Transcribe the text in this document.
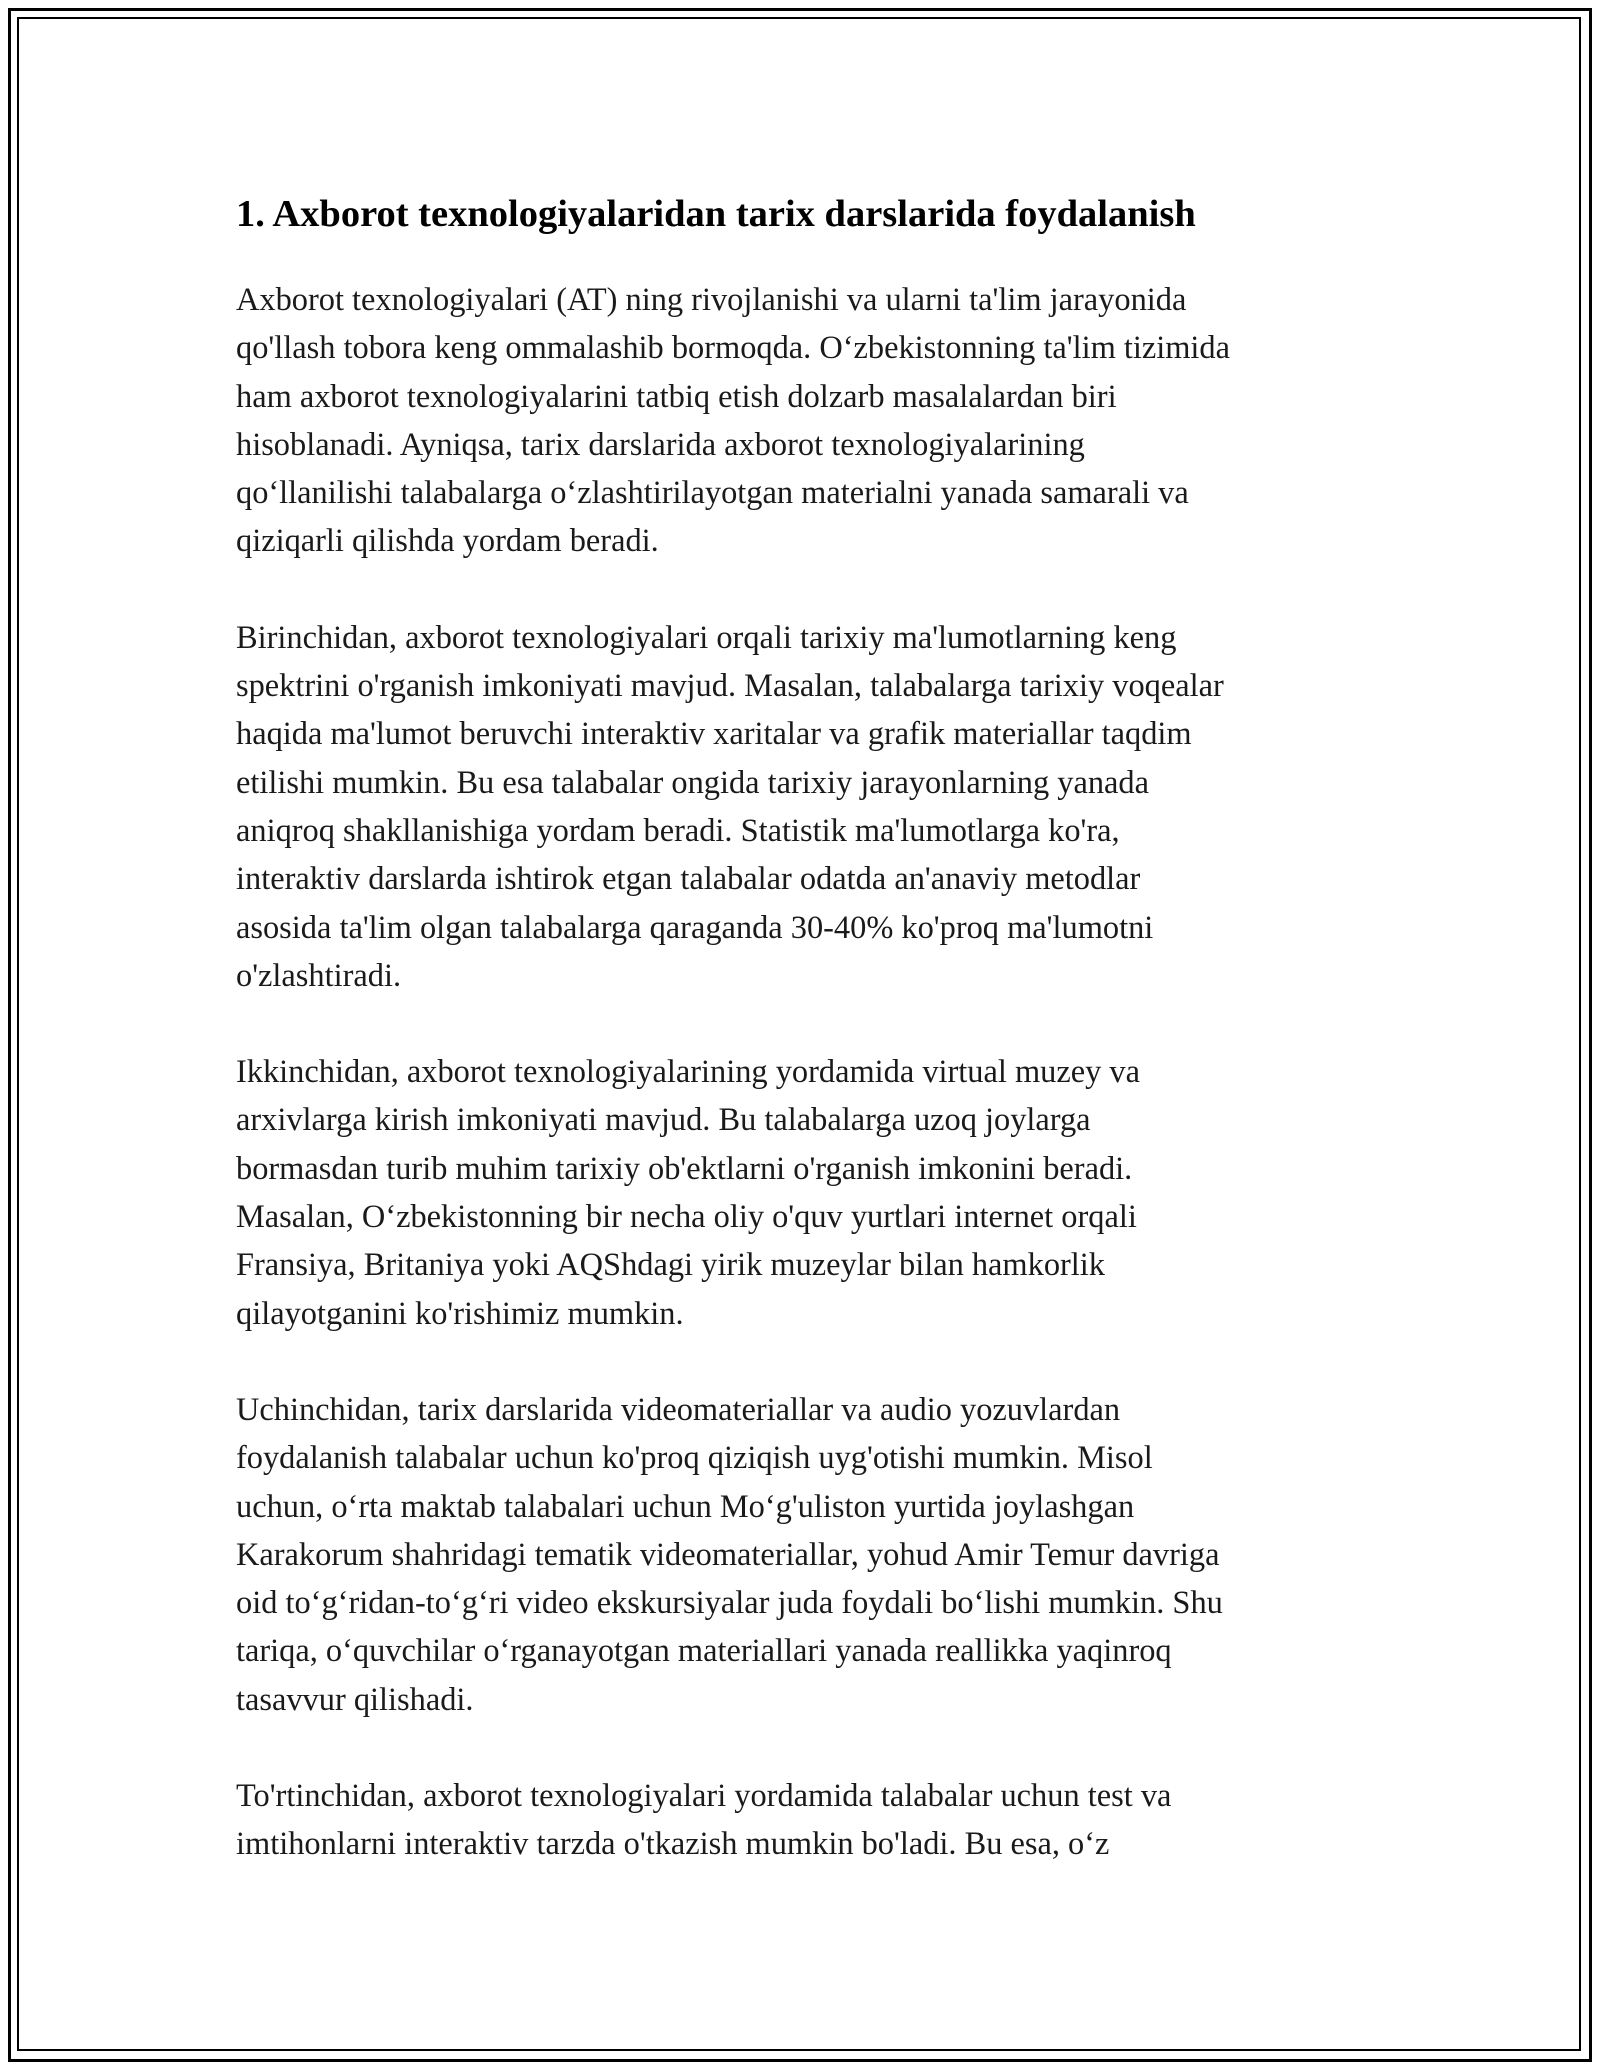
1. Axborot texnologiyalaridan tarix darslarida foydalanish

Axborot texnologiyalari (AT) ning rivojlanishi va ularni ta'lim jarayonida
qo'llash tobora keng ommalashib bormoqda. O‘zbekistonning ta'lim tizimida
ham axborot texnologiyalarini tatbiq etish dolzarb masalalardan biri
hisoblanadi. Ayniqsa, tarix darslarida axborot texnologiyalarining
qo‘llanilishi talabalarga o‘zlashtirilayotgan materialni yanada samarali va
qiziqarli qilishda yordam beradi.

Birinchidan, axborot texnologiyalari orqali tarixiy ma'lumotlarning keng
spektrini o'rganish imkoniyati mavjud. Masalan, talabalarga tarixiy voqealar
haqida ma'lumot beruvchi interaktiv xaritalar va grafik materiallar taqdim
etilishi mumkin. Bu esa talabalar ongida tarixiy jarayonlarning yanada
aniqroq shakllanishiga yordam beradi. Statistik ma'lumotlarga ko'ra,
interaktiv darslarda ishtirok etgan talabalar odatda an'anaviy metodlar
asosida ta'lim olgan talabalarga qaraganda 30-40% ko'proq ma'lumotni
o'zlashtiradi.

Ikkinchidan, axborot texnologiyalarining yordamida virtual muzey va
arxivlarga kirish imkoniyati mavjud. Bu talabalarga uzoq joylarga
bormasdan turib muhim tarixiy ob'ektlarni o'rganish imkonini beradi.
Masalan, O‘zbekistonning bir necha oliy o'quv yurtlari internet orqali
Fransiya, Britaniya yoki AQShdagi yirik muzeylar bilan hamkorlik
qilayotganini ko'rishimiz mumkin.

Uchinchidan, tarix darslarida videomateriallar va audio yozuvlardan
foydalanish talabalar uchun ko'proq qiziqish uyg'otishi mumkin. Misol
uchun, o‘rta maktab talabalari uchun Mo‘g'uliston yurtida joylashgan
Karakorum shahridagi tematik videomateriallar, yohud Amir Temur davriga
oid to‘g‘ridan-to‘g‘ri video ekskursiyalar juda foydali bo‘lishi mumkin. Shu
tariqa, o‘quvchilar o‘rganayotgan materiallari yanada reallikka yaqinroq
tasavvur qilishadi.

To'rtinchidan, axborot texnologiyalari yordamida talabalar uchun test va
imtihonlarni interaktiv tarzda o'tkazish mumkin bo'ladi. Bu esa, o‘z
